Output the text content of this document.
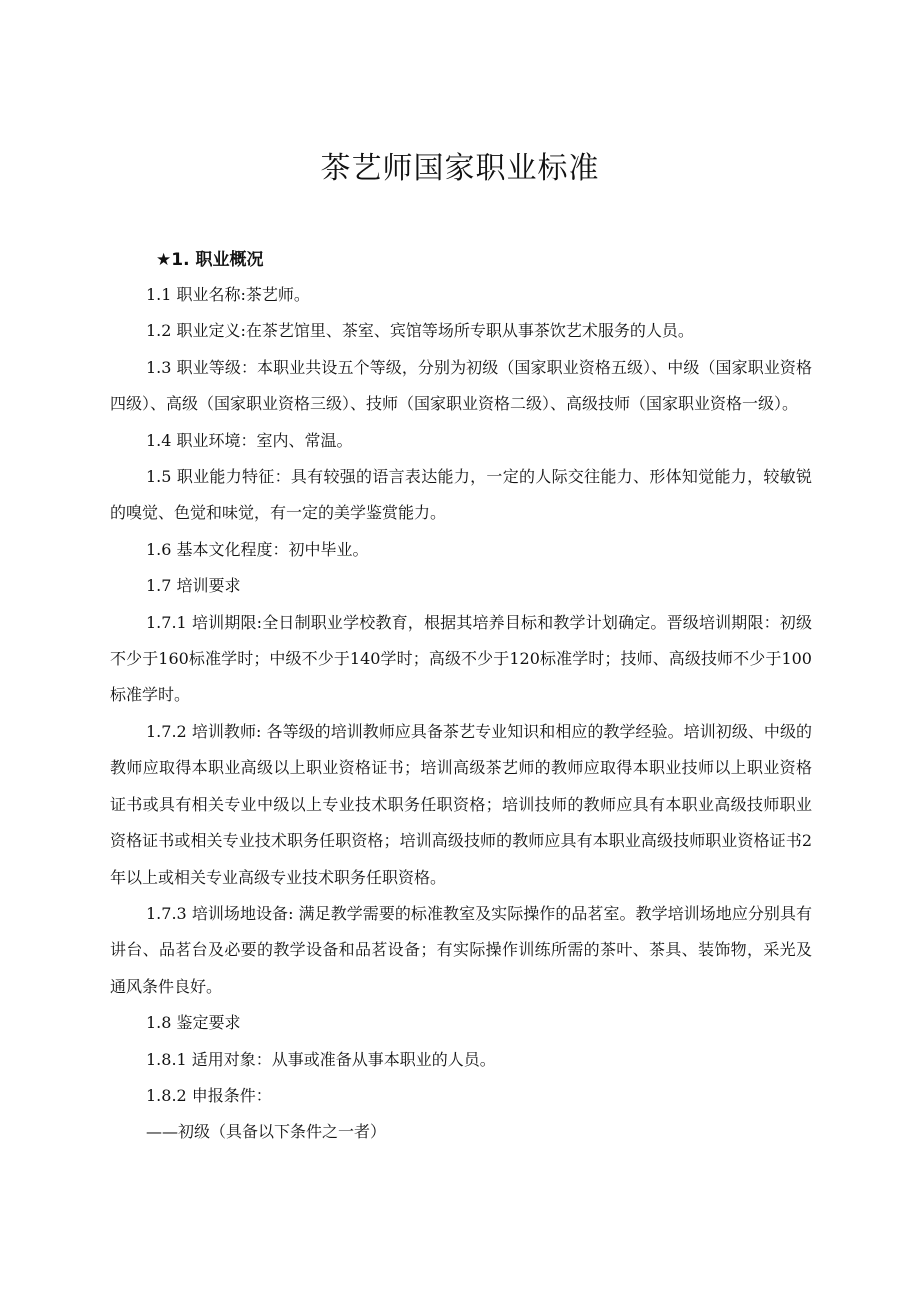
茶艺师国家职业标准

★1. 职业概况

1.1 职业名称:茶艺师。

1.2 职业定义:在茶艺馆里、茶室、宾馆等场所专职从事茶饮艺术服务的人员。

1.3 职业等级：本职业共设五个等级，分别为初级（国家职业资格五级）、中级（国家职业资格四级）、高级（国家职业资格三级）、技师（国家职业资格二级）、高级技师（国家职业资格一级）。

1.4 职业环境：室内、常温。

1.5 职业能力特征：具有较强的语言表达能力，一定的人际交往能力、形体知觉能力，较敏锐的嗅觉、色觉和味觉，有一定的美学鉴赏能力。

1.6 基本文化程度：初中毕业。

1.7 培训要求

1.7.1 培训期限:全日制职业学校教育，根据其培养目标和教学计划确定。晋级培训期限：初级不少于160标准学时；中级不少于140学时；高级不少于120标准学时；技师、高级技师不少于100标准学时。

1.7.2 培训教师: 各等级的培训教师应具备茶艺专业知识和相应的教学经验。培训初级、中级的教师应取得本职业高级以上职业资格证书；培训高级茶艺师的教师应取得本职业技师以上职业资格证书或具有相关专业中级以上专业技术职务任职资格；培训技师的教师应具有本职业高级技师职业资格证书或相关专业技术职务任职资格；培训高级技师的教师应具有本职业高级技师职业资格证书2年以上或相关专业高级专业技术职务任职资格。

1.7.3 培训场地设备: 满足教学需要的标准教室及实际操作的品茗室。教学培训场地应分别具有讲台、品茗台及必要的教学设备和品茗设备；有实际操作训练所需的茶叶、茶具、装饰物，采光及通风条件良好。

1.8 鉴定要求

1.8.1 适用对象：从事或准备从事本职业的人员。

1.8.2 申报条件：

——初级（具备以下条件之一者）
